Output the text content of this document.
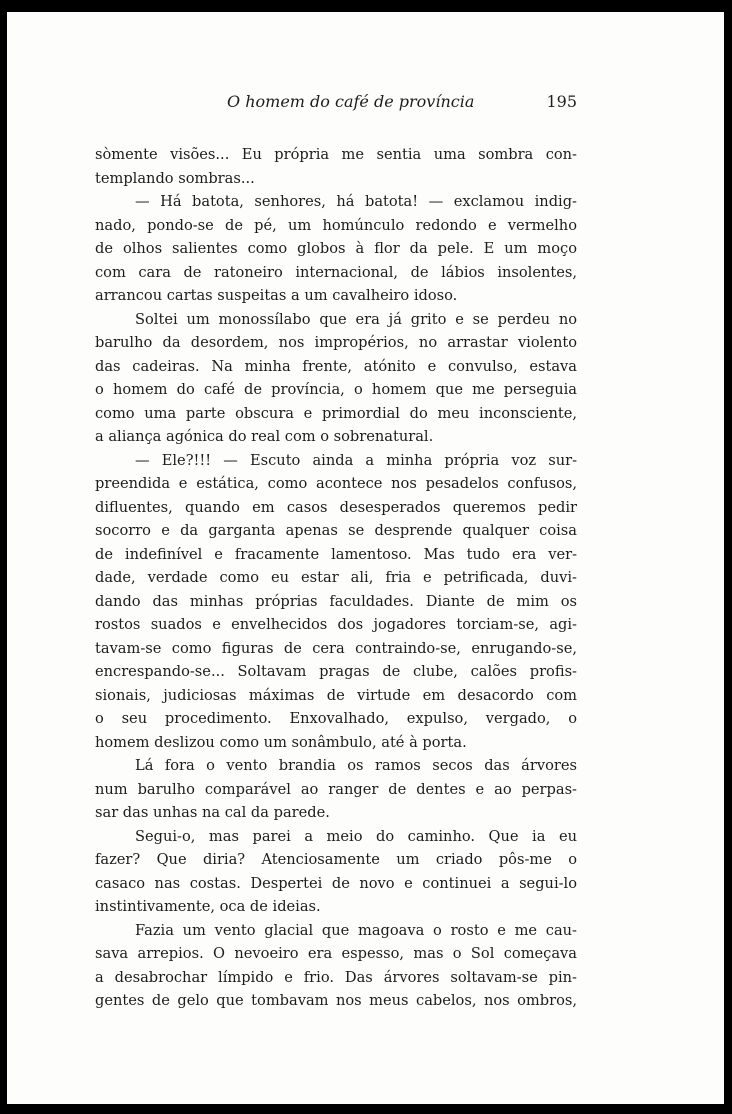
O homem do café de província	195
sòmente visões... Eu própria me sentia uma sombra con-
templando sombras...
— Há batota, senhores, há batota! — exclamou indig-
nado, pondo-se de pé, um homúnculo redondo e vermelho
de olhos salientes como globos à flor da pele. E um moço
com cara de ratoneiro internacional, de lábios insolentes,
arrancou cartas suspeitas a um cavalheiro idoso.
Soltei um monossílabo que era já grito e se perdeu no
barulho da desordem, nos impropérios, no arrastar violento
das cadeiras. Na minha frente, atónito e convulso, estava
o homem do café de província, o homem que me perseguia
como uma parte obscura e primordial do meu inconsciente,
a aliança agónica do real com o sobrenatural.
— Ele?!!! — Escuto ainda a minha própria voz sur-
preendida e estática, como acontece nos pesadelos confusos,
difluentes, quando em casos desesperados queremos pedir
socorro e da garganta apenas se desprende qualquer coisa
de indefinível e fracamente lamentoso. Mas tudo era ver-
dade, verdade como eu estar ali, fria e petrificada, duvi-
dando das minhas próprias faculdades. Diante de mim os
rostos suados e envelhecidos dos jogadores torciam-se, agi-
tavam-se como figuras de cera contraindo-se, enrugando-se,
encrespando-se... Soltavam pragas de clube, calões profis-
sionais, judiciosas máximas de virtude em desacordo com
o seu procedimento. Enxovalhado, expulso, vergado, o
homem deslizou como um sonâmbulo, até à porta.
Lá fora o vento brandia os ramos secos das árvores
num barulho comparável ao ranger de dentes e ao perpas-
sar das unhas na cal da parede.
Segui-o, mas parei a meio do caminho. Que ia eu
fazer? Que diria? Atenciosamente um criado pôs-me o
casaco nas costas. Despertei de novo e continuei a segui-lo
instintivamente, oca de ideias.
Fazia um vento glacial que magoava o rosto e me cau-
sava arrepios. O nevoeiro era espesso, mas o Sol começava
a desabrochar límpido e frio. Das árvores soltavam-se pin-
gentes de gelo que tombavam nos meus cabelos, nos ombros,
